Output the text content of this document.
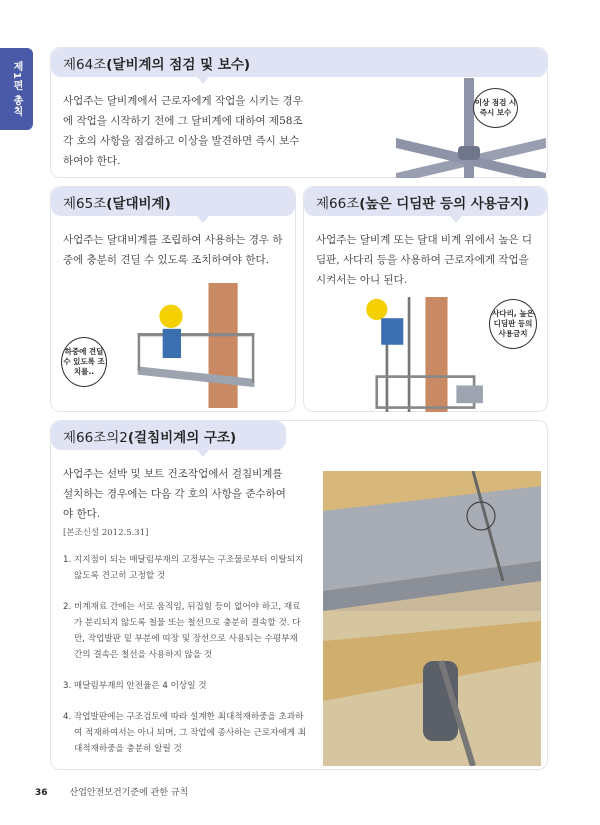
제1편 총칙	제64조 (달비계의 점검 및 보수)
사업주는 달비계에서 근로자에게 작업을 시키는 경우에 작업을 시작하기 전에 그 달비계에 대하여 제58조 각 호의 사항을 점검하고 이상을 발견하면 즉시 보수하여야 한다.
이상 점검 시 즉시 보수
제65조 (달대비계)
사업주는 달대비계를 조립하여 사용하는 경우 하중에 충분히 견딜 수 있도록 조치하여야 한다.
하중에 견딜 수 있도록 조치를..
제66조 (높은 디딤판 등의 사용금지)
사업주는 달비계 또는 달대 비계 위에서 높은 디딤판, 사다리 등을 사용하여 근로자에게 작업을 시켜서는 아니 된다.
사다리, 높은 디딤판 등의 사용금지
제66조의2 (걸침비계의 구조)
사업주는 선박 및 보트 건조작업에서 걸침비계를 설치하는 경우에는 다음 각 호의 사항을 준수하여야 한다.
[본조신설 2012.5.31]
1. 지지점이 되는 매달림부재의 고정부는 구조물로부터 이탈되지 않도록 견고히 고정할 것
2. 비계재료 간에는 서로 움직임, 뒤집힘 등이 없어야 하고, 재료가 분리되지 않도록 철물 또는 철선으로 충분히 결속할 것. 다만, 작업발판 밑 부분에 띠장 및 장선으로 사용되는 수평부재 간의 결속은 철선을 사용하지 않을 것
3. 매달림부재의 안전율은 4 이상일 것
4. 작업발판에는 구조검토에 따라 설계한 최대적재하중을 초과하여 적재하여서는 아니 되며, 그 작업에 종사하는 근로자에게 최대적재하중을 충분히 알릴 것
36 산업안전보건기준에 관한 규칙
